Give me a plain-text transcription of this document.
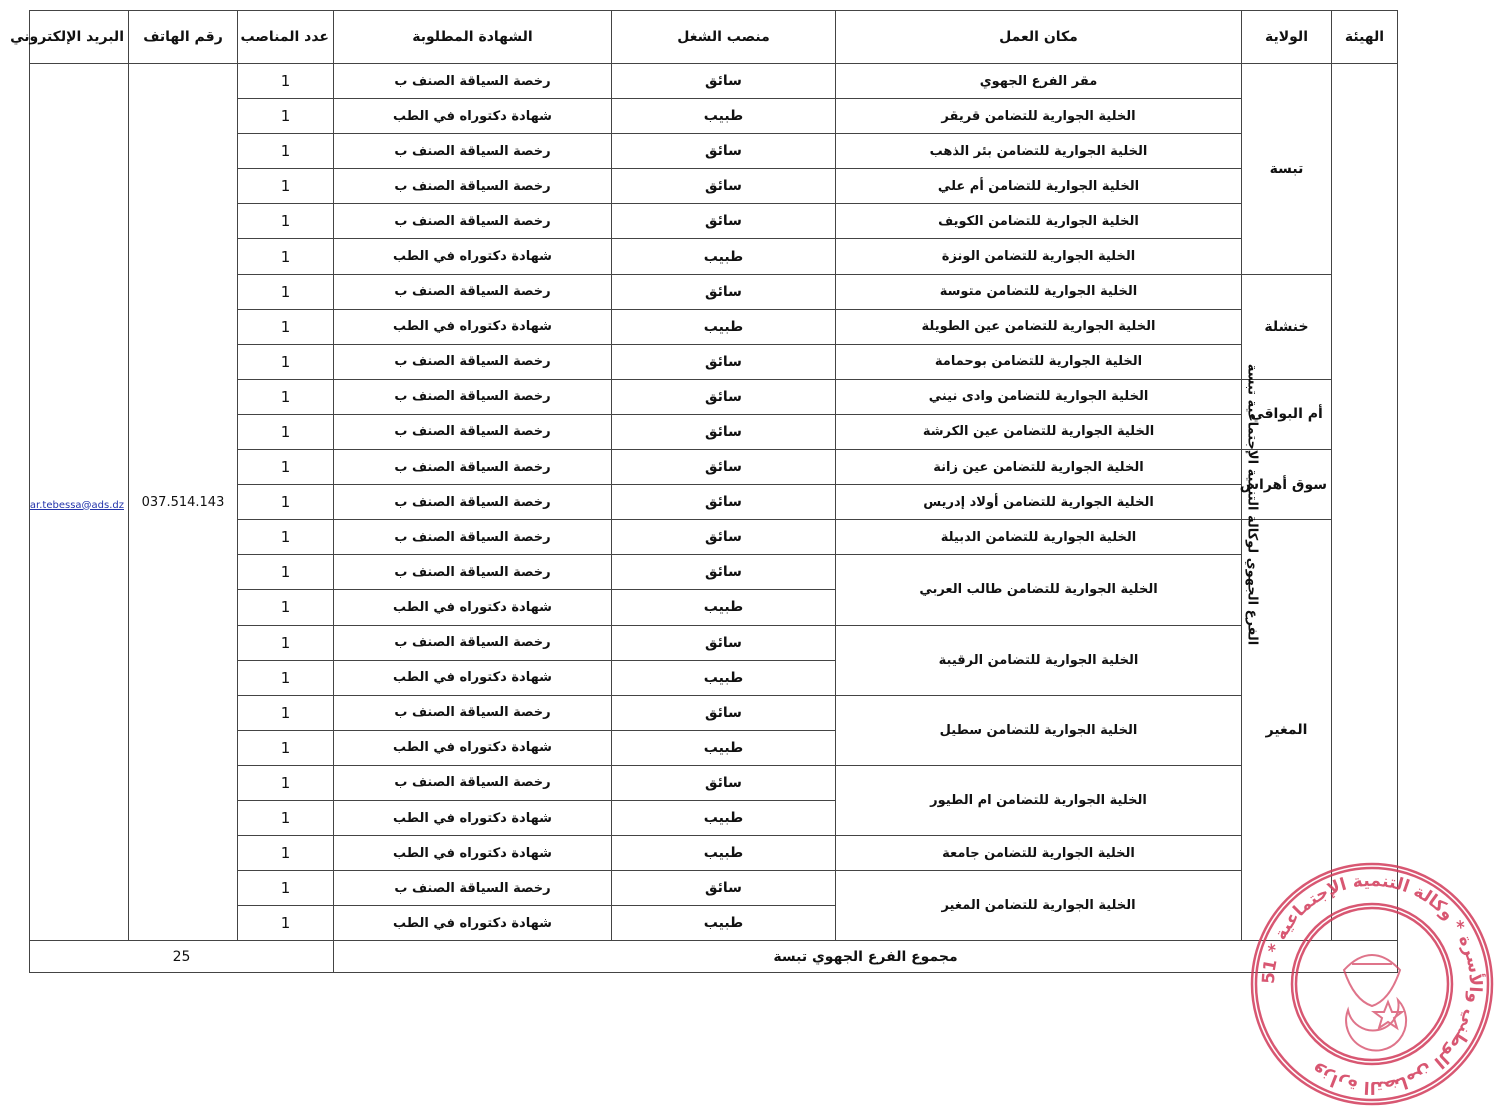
الهيئة	الولاية	مكان العمل	منصب الشغل	الشهادة المطلوبة	عدد المناصب	رقم الهاتف	البريد الإلكتروني
الفرع الجهوي لوكالة التنمية الإجتماعية تبسة	تبسة	مقر الفرع الجهوي	سائق	رخصة السياقة الصنف ب	1	037.514.143	ar.tebessa@ads.dz
		الخلية الجوارية للتضامن قريقر	طبيب	شهادة دكتوراه في الطب	1		
		الخلية الجوارية للتضامن بئر الذهب	سائق	رخصة السياقة الصنف ب	1		
		الخلية الجوارية للتضامن أم علي	سائق	رخصة السياقة الصنف ب	1		
		الخلية الجوارية للتضامن الكويف	سائق	رخصة السياقة الصنف ب	1		
		الخلية الجوارية للتضامن الونزة	طبيب	شهادة دكتوراه في الطب	1		
	خنشلة	الخلية الجوارية للتضامن متوسة	سائق	رخصة السياقة الصنف ب	1		
		الخلية الجوارية للتضامن عين الطويلة	طبيب	شهادة دكتوراه في الطب	1		
		الخلية الجوارية للتضامن بوحمامة	سائق	رخصة السياقة الصنف ب	1		
	أم البواقي	الخلية الجوارية للتضامن وادى نيني	سائق	رخصة السياقة الصنف ب	1		
		الخلية الجوارية للتضامن عين الكرشة	سائق	رخصة السياقة الصنف ب	1		
	سوق أهراس	الخلية الجوارية للتضامن عين زانة	سائق	رخصة السياقة الصنف ب	1		
		الخلية الجوارية للتضامن أولاد إدريس	سائق	رخصة السياقة الصنف ب	1		
	المغير	الخلية الجوارية للتضامن الدبيلة	سائق	رخصة السياقة الصنف ب	1		
		الخلية الجوارية للتضامن طالب العربي	سائق	رخصة السياقة الصنف ب	1		
			طبيب	شهادة دكتوراه في الطب	1		
		الخلية الجوارية للتضامن الرقيبة	سائق	رخصة السياقة الصنف ب	1		
			طبيب	شهادة دكتوراه في الطب	1		
		الخلية الجوارية للتضامن سطيل	سائق	رخصة السياقة الصنف ب	1		
			طبيب	شهادة دكتوراه في الطب	1		
		الخلية الجوارية للتضامن ام الطيور	سائق	رخصة السياقة الصنف ب	1		
			طبيب	شهادة دكتوراه في الطب	1		
		الخلية الجوارية للتضامن جامعة	طبيب	شهادة دكتوراه في الطب	1		
		الخلية الجوارية للتضامن المغير	سائق	رخصة السياقة الصنف ب	1		
			طبيب	شهادة دكتوراه في الطب	1		
مجموع الفرع الجهوي تبسة					25		
وزارة التضامن الوطني والأسرة * وكالة التنمية الإجتماعية * 51
